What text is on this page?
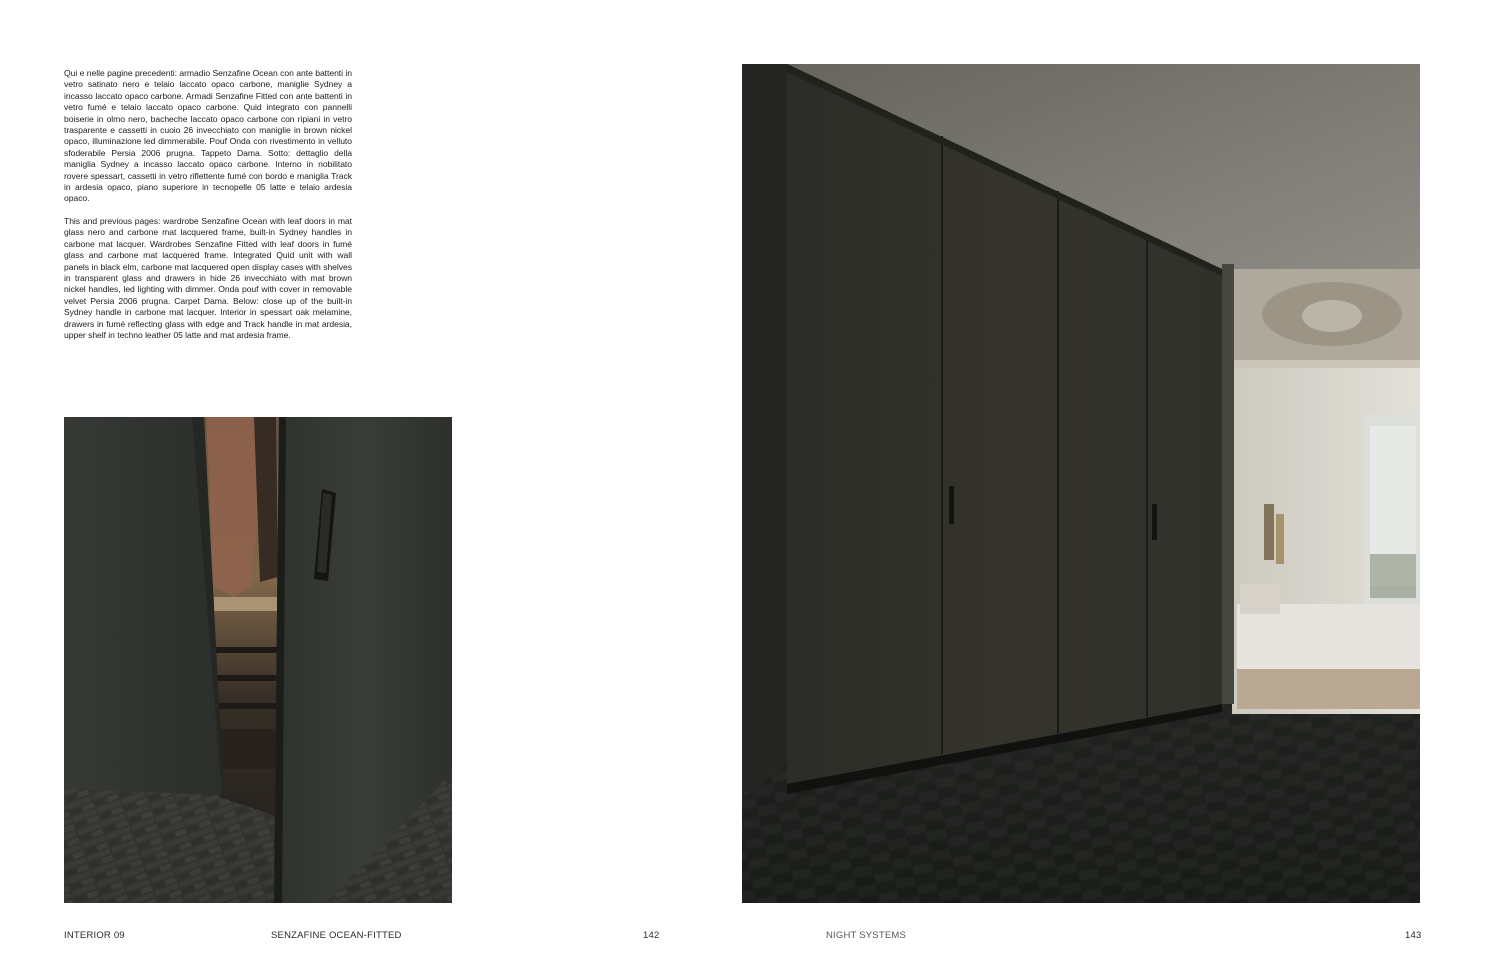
Qui e nelle pagine precedenti: armadio Senzafine Ocean con ante battenti in vetro satinato nero e telaio laccato opaco carbone, maniglie Sydney a incasso laccato opaco carbone. Armadi Senzafine Fitted con ante battenti in vetro fumé e telaio laccato opaco carbone. Quid integrato con pannelli boiserie in olmo nero, bacheche laccato opaco carbone con ripiani in vetro trasparente e cassetti in cuoio 26 invecchiato con maniglie in brown nickel opaco, illuminazione led dimmerabile. Pouf Onda con rivestimento in velluto sfoderabile Persia 2006 prugna. Tappeto Dama. Sotto: dettaglio della maniglia Sydney a incasso laccato opaco carbone. Interno in nobilitato rovere spessart, cassetti in vetro riflettente fumé con bordo e maniglia Track in ardesia opaco, piano superiore in tecnopelle 05 latte e telaio ardesia opaco.

This and previous pages: wardrobe Senzafine Ocean with leaf doors in mat glass nero and carbone mat lacquered frame, built-in Sydney handles in carbone mat lacquer. Wardrobes Senzafine Fitted with leaf doors in fumé glass and carbone mat lacquered frame. Integrated Quid unit with wall panels in black elm, carbone mat lacquered open display cases with shelves in transparent glass and drawers in hide 26 invecchiato with mat brown nickel handles, led lighting with dimmer. Onda pouf with cover in removable velvet Persia 2006 prugna. Carpet Dama. Below: close up of the built-in Sydney handle in carbone mat lacquer. Interior in spessart oak melamine, drawers in fumé reflecting glass with edge and Track handle in mat ardesia, upper shelf in techno leather 05 latte and mat ardesia frame.

INTERIOR 09	SENZAFINE OCEAN-FITTED	142	NIGHT SYSTEMS	143
